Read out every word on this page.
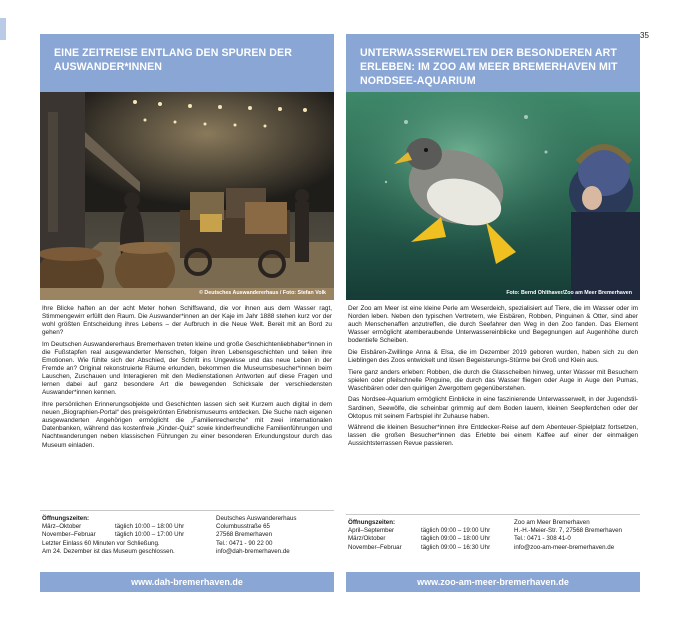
35
EINE ZEITREISE ENTLANG DEN SPUREN DER AUSWANDER*INNEN
© Deutsches Auswandererhaus / Foto: Stefan Volk

Ihre Blicke haften an der acht Meter hohen Schiffswand, die vor ihnen aus dem Wasser ragt, Stimmengewirr erfüllt den Raum. Die Auswander*innen an der Kaje im Jahr 1888 stehen kurz vor der wohl größten Entscheidung ihres Lebens – der Aufbruch in die Neue Welt. Bereit mit an Bord zu gehen?

Im Deutschen Auswandererhaus Bremerhaven treten kleine und große Geschichtenliebhaber*innen in die Fußstapfen real ausgewanderter Menschen, folgen ihren Lebensgeschichten und teilen ihre Emotionen. Wie fühlte sich der Abschied, der Schritt ins Ungewisse und das neue Leben in der Fremde an? Original rekonstruierte Räume erkunden, bekommen die Museumsbesucher*innen beim Lauschen, Zuschauen und Interagieren mit den Medienstationen Antworten auf diese Fragen und lernen dabei auf ganz besondere Art die bewegenden Schicksale der verschiedensten Auswander*innen kennen.

Ihre persönlichen Erinnerungsobjekte und Geschichten lassen sich seit Kurzem auch digital in dem neuen „Biographien-Portal“ des preisgekrönten Erlebnismuseums entdecken. Die Suche nach eigenen ausgewanderten Angehörigen ermöglicht die „Familienrecherche“ mit zwei internationalen Datenbanken, während das kostenfreie „Kinder-Quiz“ sowie kinderfreundliche Familienführungen und Nachtwanderungen neben klassischen Führungen zu einer besonderen Erkundungstour durch das Museum einladen.

Öffnungszeiten:
März–Oktober	täglich 10:00 – 18:00 Uhr
November–Februar	täglich 10:00 – 17:00 Uhr
Letzter Einlass 60 Minuten vor Schließung.
Am 24. Dezember ist das Museum geschlossen.
Deutsches Auswandererhaus
Columbusstraße 65
27568 Bremerhaven
Tel.: 0471 - 90 22 00
info@dah-bremerhaven.de
www.dah-bremerhaven.de
UNTERWASSERWELTEN DER BESONDEREN ART ERLEBEN: IM ZOO AM MEER BREMERHAVEN MIT NORDSEE-AQUARIUM
Foto: Bernd Ohlthaver/Zoo am Meer Bremerhaven

Der Zoo am Meer ist eine kleine Perle am Weserdeich, spezialisiert auf Tiere, die im Wasser oder im Norden leben. Neben den typischen Vertretern, wie Eisbären, Robben, Pinguinen & Otter, sind aber auch Menschenaffen anzutreffen, die durch Seefahrer den Weg in den Zoo fanden. Das Element Wasser ermöglicht atemberaubende Unterwassereinblicke und Begegnungen auf Augenhöhe durch bodentiefe Scheiben.

Die Eisbären-Zwillinge Anna & Elsa, die im Dezember 2019 geboren wurden, haben sich zu den Lieblingen des Zoos entwickelt und lösen Begeisterungs-Stürme bei Groß und Klein aus.

Tiere ganz anders erleben: Robben, die durch die Glasscheiben hinweg, unter Wasser mit Besuchern spielen oder pfeilschnelle Pinguine, die durch das Wasser fliegen oder Auge in Auge den Pumas, Waschbären oder den quirligen Zwergottern gegenüberstehen.

Das Nordsee-Aquarium ermöglicht Einblicke in eine faszinierende Unterwasserwelt, in der Jugendstil-Sardinen, Seewölfe, die scheinbar grimmig auf dem Boden lauern, kleinen Seepferdchen oder der Oktopus mit seinem Farbspiel ihr Zuhause haben.

Während die kleinen Besucher*innen ihre Entdecker-Reise auf dem Abenteuer-Spielplatz fortsetzen, lassen die großen Besucher*innen das Erlebte bei einem Kaffee auf einer der einmaligen Aussichtsterrassen Revue passieren.

Öffnungszeiten:
April–September	täglich 09:00 – 19:00 Uhr
März/Oktober	täglich 09:00 – 18:00 Uhr
November–Februar	täglich 09:00 – 16:30 Uhr
Zoo am Meer Bremerhaven
H.-H.-Meier-Str. 7, 27568 Bremerhaven
Tel.: 0471 - 308 41-0
info@zoo-am-meer-bremerhaven.de
www.zoo-am-meer-bremerhaven.de
